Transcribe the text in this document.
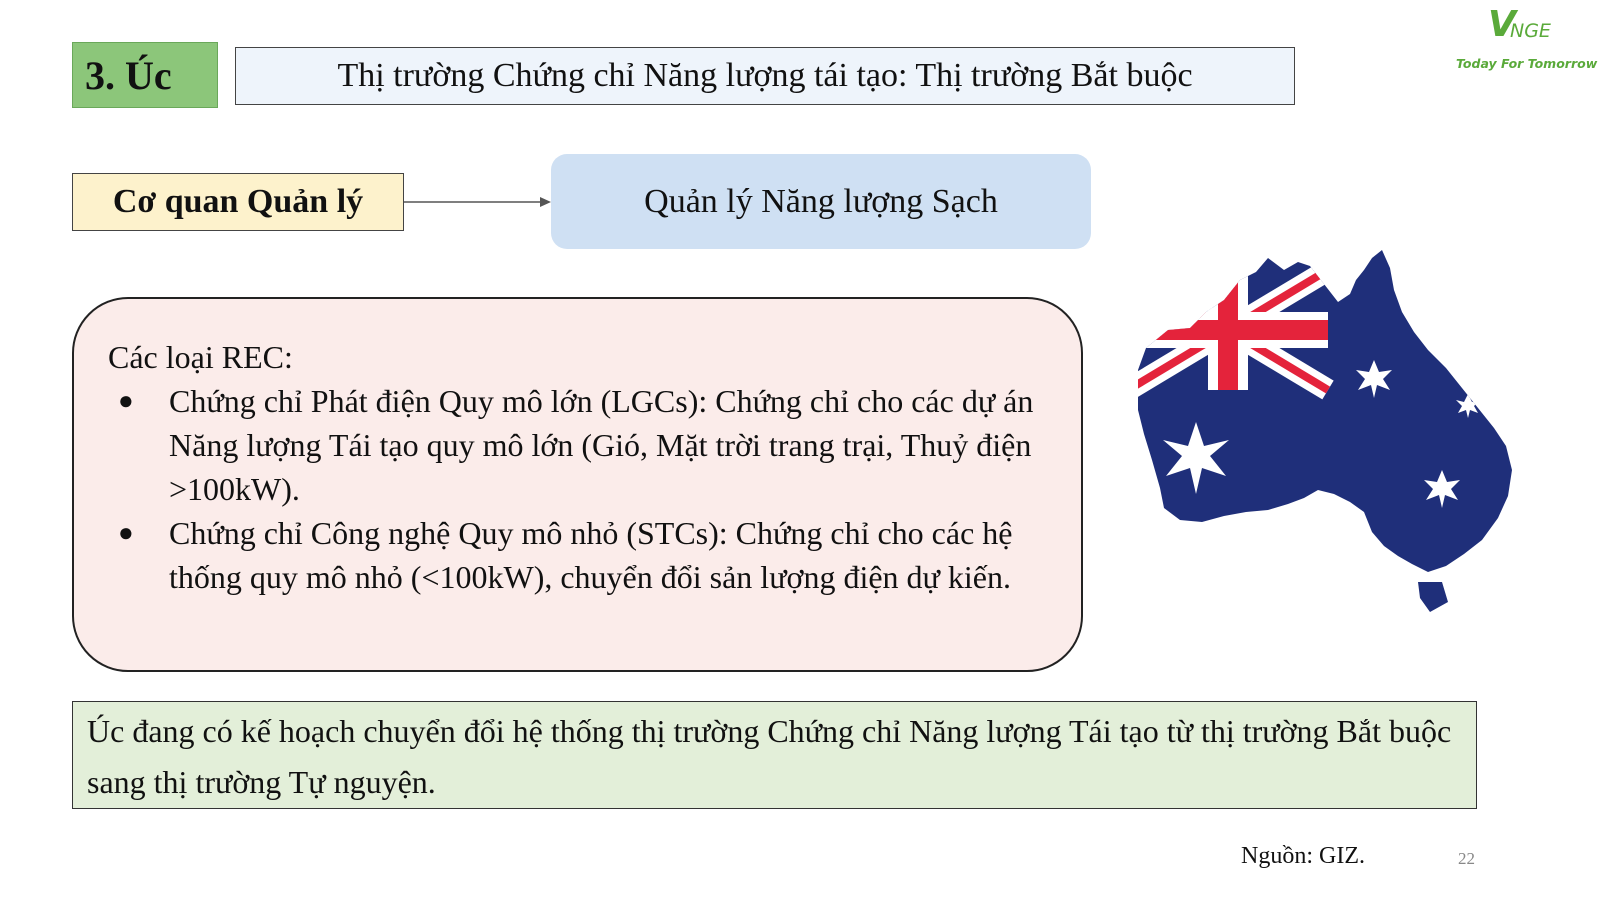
V
NGE
Today For Tomorrow
3. Úc	Thị trường Chứng chỉ Năng lượng tái tạo: Thị trường Bắt buộc
Cơ quan Quản lý	Quản lý Năng lượng Sạch

Các loại REC:

● Chứng chỉ Phát điện Quy mô lớn (LGCs): Chứng chỉ cho các dự án Năng lượng Tái tạo quy mô lớn (Gió, Mặt trời trang trại, Thuỷ điện >100kW).
● Chứng chỉ Công nghệ Quy mô nhỏ (STCs): Chứng chỉ cho các hệ thống quy mô nhỏ (<100kW), chuyển đổi sản lượng điện dự kiến.
Úc đang có kế hoạch chuyển đổi hệ thống thị trường Chứng chỉ Năng lượng Tái tạo từ thị trường Bắt buộc sang thị trường Tự nguyện.
Nguồn: GIZ.	22
